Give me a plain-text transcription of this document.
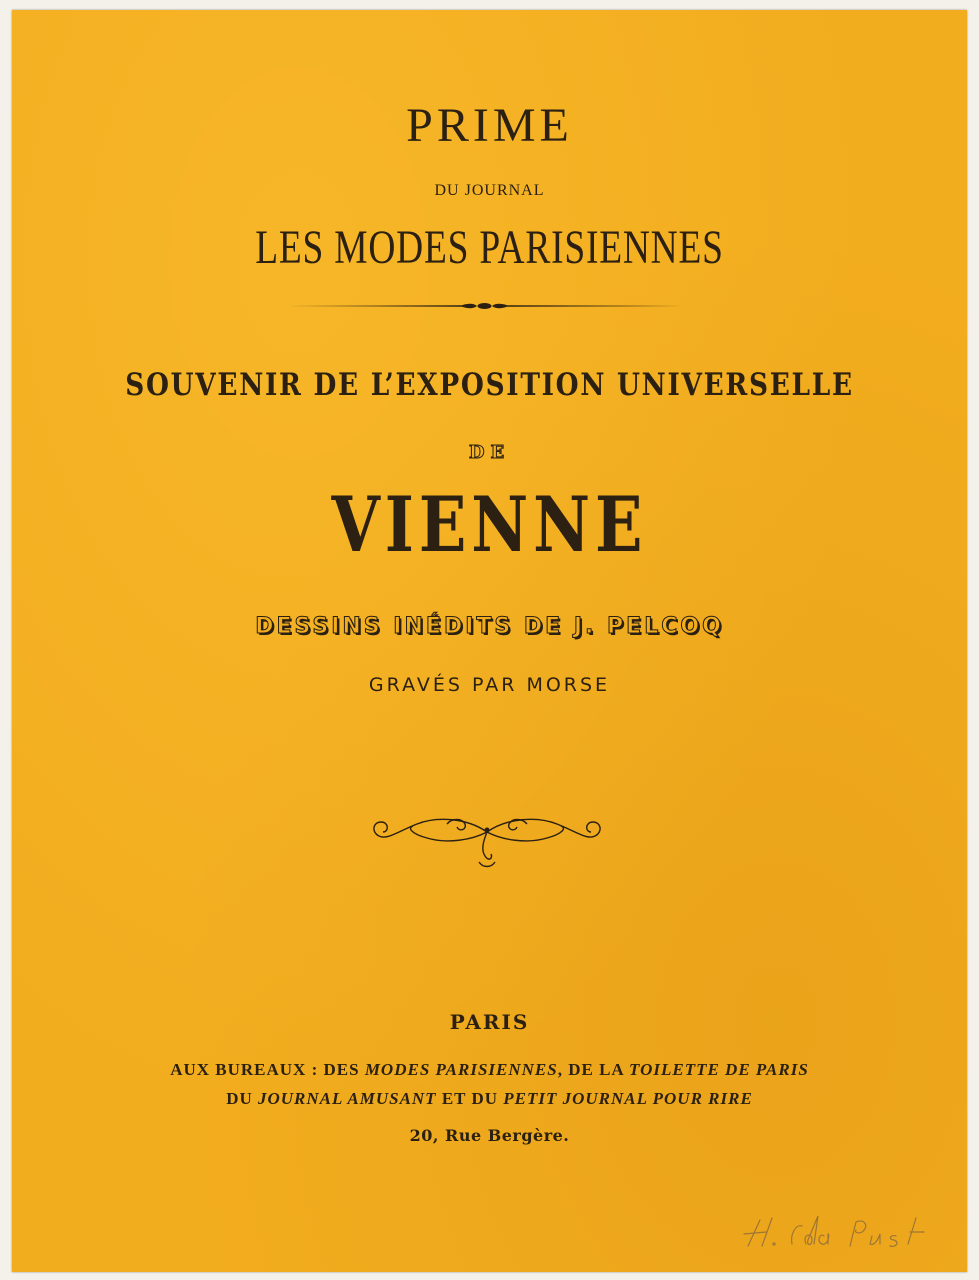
PRIME
DU JOURNAL
LES MODES PARISIENNES
SOUVENIR DE L’EXPOSITION UNIVERSELLE
DE
VIENNE
DESSINS INÉDITS DE J. PELCOQ
GRAVÉS PAR MORSE
PARIS
AUX BUREAUX : DES MODES PARISIENNES, DE LA TOILETTE DE PARIS
DU JOURNAL AMUSANT ET DU PETIT JOURNAL POUR RIRE
20, Rue Bergère.
